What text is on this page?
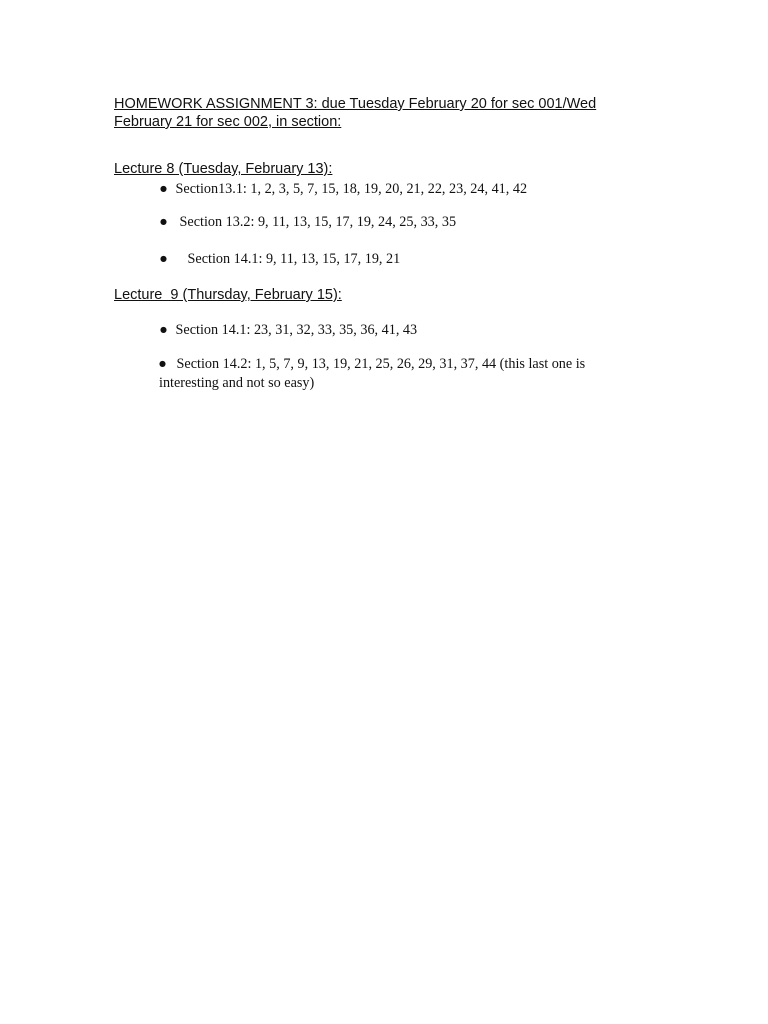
HOMEWORK ASSIGNMENT 3: due Tuesday February 20 for sec 001/Wed February 21 for sec 002, in section:

Lecture 8 (Tuesday, February 13):

● Section13.1: 1, 2, 3, 5, 7, 15, 18, 19, 20, 21, 22, 23, 24, 41, 42
● Section 13.2: 9, 11, 13, 15, 17, 19, 24, 25, 33, 35
● Section 14.1: 9, 11, 13, 15, 17, 19, 21

Lecture  9 (Thursday, February 15):

● Section 14.1: 23, 31, 32, 33, 35, 36, 41, 43
● Section 14.2: 1, 5, 7, 9, 13, 19, 21, 25, 26, 29, 31, 37, 44 (this last one is interesting and not so easy)
